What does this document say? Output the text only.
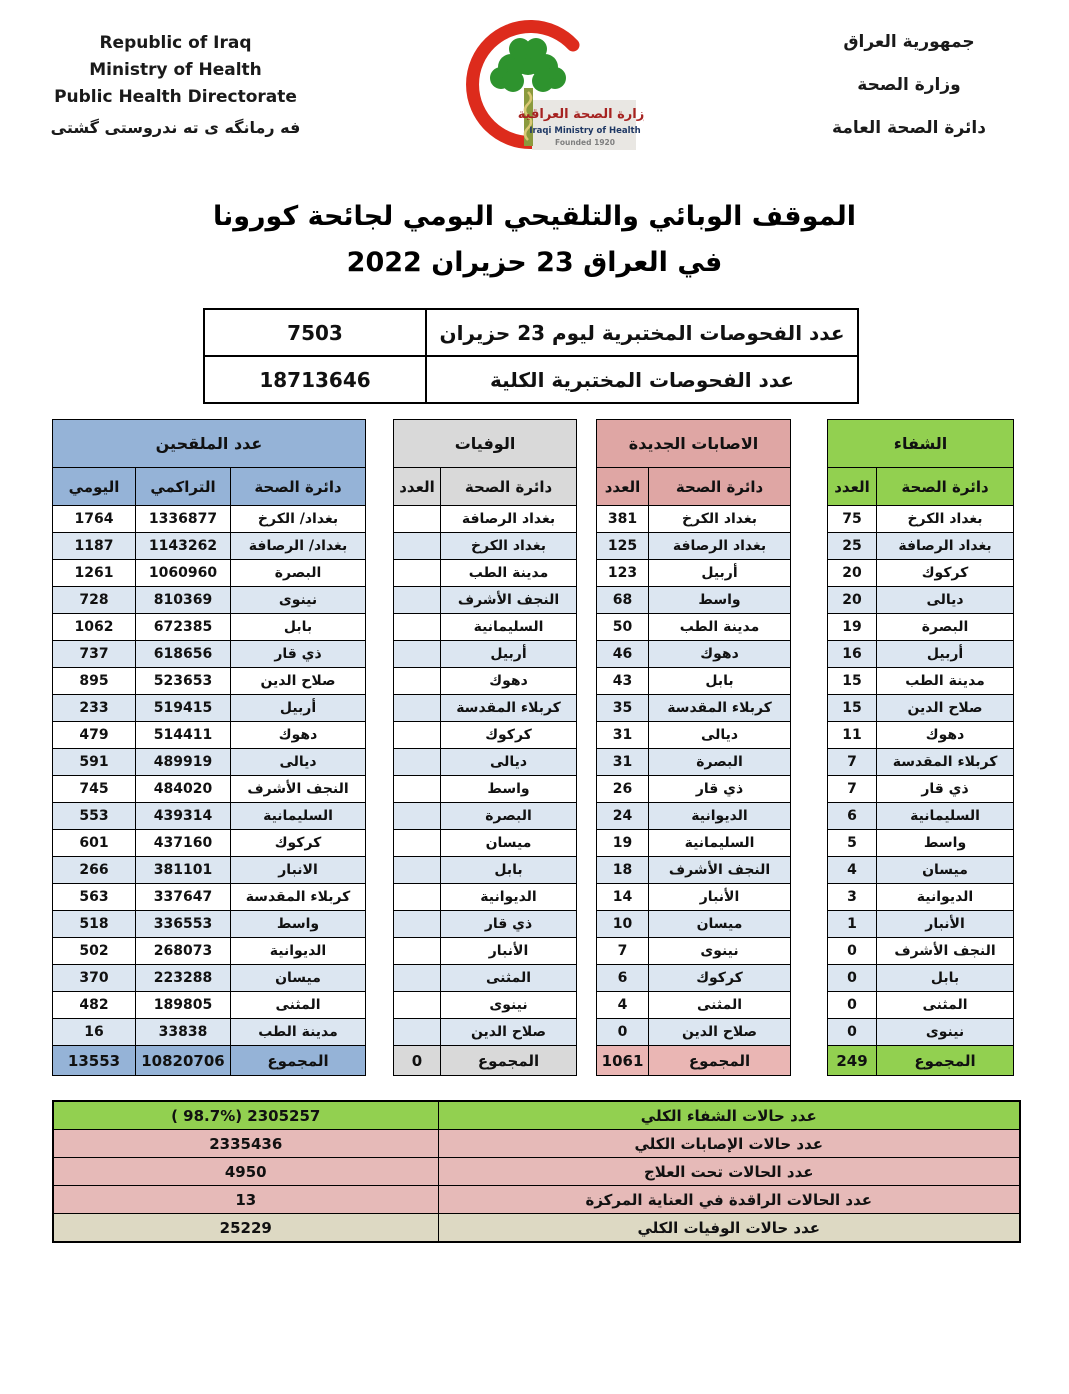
Republic of Iraq
Ministry of Health
Public Health Directorate
فه رمانگه ى ته ندروستى گشتى
وزارة الصحة العراقية
Iraqi Ministry of Health
Founded 1920
جمهورية العراق
وزارة الصحة
دائرة الصحة العامة
الموقف الوبائي والتلقيحي اليومي لجائحة كورونا
في العراق 23 حزيران 2022
7503	عدد الفحوصات المختبرية ليوم 23 حزيران
18713646	عدد الفحوصات المختبرية الكلية
عدد الملقحين				الوفيات			الاصابات الجديدة			الشفاء	
اليومي	التراكمي	دائرة الصحة		العدد	دائرة الصحة		العدد	دائرة الصحة		العدد	دائرة الصحة
1764	1336877	بغداد/ الكرخ			بغداد الرصافة		381	بغداد الكرخ		75	بغداد الكرخ
1187	1143262	بغداد/ الرصافة			بغداد الكرخ		125	بغداد الرصافة		25	بغداد الرصافة
1261	1060960	البصرة			مدينة الطب		123	أربيل		20	كركوك
728	810369	نينوى			النجف الأشرف		68	واسط		20	ديالى
1062	672385	بابل			السليمانية		50	مدينة الطب		19	البصرة
737	618656	ذي قار			أربيل		46	دهوك		16	أربيل
895	523653	صلاح الدين			دهوك		43	بابل		15	مدينة الطب
233	519415	أربيل			كربلاء المقدسة		35	كربلاء المقدسة		15	صلاح الدين
479	514411	دهوك			كركوك		31	ديالى		11	دهوك
591	489919	ديالى			ديالى		31	البصرة		7	كربلاء المقدسة
745	484020	النجف الأشرف			واسط		26	ذي قار		7	ذي قار
553	439314	السليمانية			البصرة		24	الديوانية		6	السليمانية
601	437160	كركوك			ميسان		19	السليمانية		5	واسط
266	381101	الانبار			بابل		18	النجف الأشرف		4	ميسان
563	337647	كربلاء المقدسة			الديوانية		14	الأنبار		3	الديوانية
518	336553	واسط			ذي قار		10	ميسان		1	الأنبار
502	268073	الديوانية			الأنبار		7	نينوى		0	النجف الأشرف
370	223288	ميسان			المثنى		6	كركوك		0	بابل
482	189805	المثنى			نينوى		4	المثنى		0	المثنى
16	33838	مدينة الطب			صلاح الدين		0	صلاح الدين		0	نينوى
13553	10820706	المجموع		0	المجموع		1061	المجموع		249	المجموع
( 98.7%) 2305257	عدد حالات الشفاء الكلي
2335436	عدد حالات الإصابات الكلي
4950	عدد الحالات تحت العلاج
13	عدد الحالات الراقدة في العناية المركزة
25229	عدد حالات الوفيات الكلي
